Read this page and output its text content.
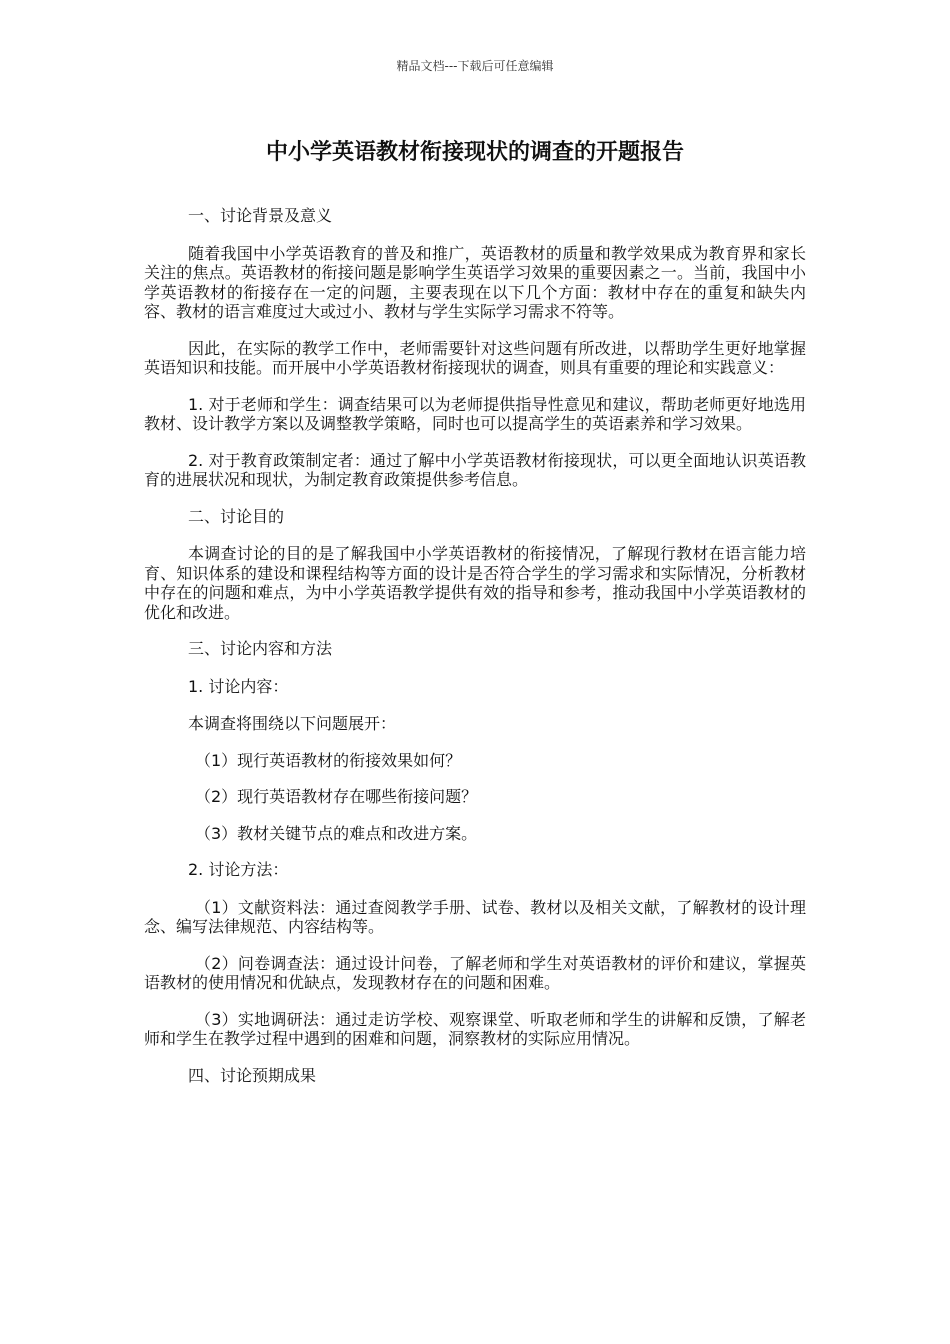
精品文档---下载后可任意编辑
中小学英语教材衔接现状的调查的开题报告

一、讨论背景及意义

随着我国中小学英语教育的普及和推广，英语教材的质量和教学效果成为教育界和家长关注的焦点。英语教材的衔接问题是影响学生英语学习效果的重要因素之一。当前，我国中小学英语教材的衔接存在一定的问题，主要表现在以下几个方面：教材中存在的重复和缺失内容、教材的语言难度过大或过小、教材与学生实际学习需求不符等。

因此，在实际的教学工作中，老师需要针对这些问题有所改进，以帮助学生更好地掌握英语知识和技能。而开展中小学英语教材衔接现状的调查，则具有重要的理论和实践意义：

1. 对于老师和学生：调查结果可以为老师提供指导性意见和建议，帮助老师更好地选用教材、设计教学方案以及调整教学策略，同时也可以提高学生的英语素养和学习效果。

2. 对于教育政策制定者：通过了解中小学英语教材衔接现状，可以更全面地认识英语教育的进展状况和现状，为制定教育政策提供参考信息。

二、讨论目的

本调查讨论的目的是了解我国中小学英语教材的衔接情况，了解现行教材在语言能力培育、知识体系的建设和课程结构等方面的设计是否符合学生的学习需求和实际情况，分析教材中存在的问题和难点，为中小学英语教学提供有效的指导和参考，推动我国中小学英语教材的优化和改进。

三、讨论内容和方法

1. 讨论内容：

本调查将围绕以下问题展开：

（1）现行英语教材的衔接效果如何？

（2）现行英语教材存在哪些衔接问题？

（3）教材关键节点的难点和改进方案。

2. 讨论方法：

（1）文献资料法：通过查阅教学手册、试卷、教材以及相关文献，了解教材的设计理念、编写法律规范、内容结构等。

（2）问卷调查法：通过设计问卷，了解老师和学生对英语教材的评价和建议，掌握英语教材的使用情况和优缺点，发现教材存在的问题和困难。

（3）实地调研法：通过走访学校、观察课堂、听取老师和学生的讲解和反馈，了解老师和学生在教学过程中遇到的困难和问题，洞察教材的实际应用情况。

四、讨论预期成果
